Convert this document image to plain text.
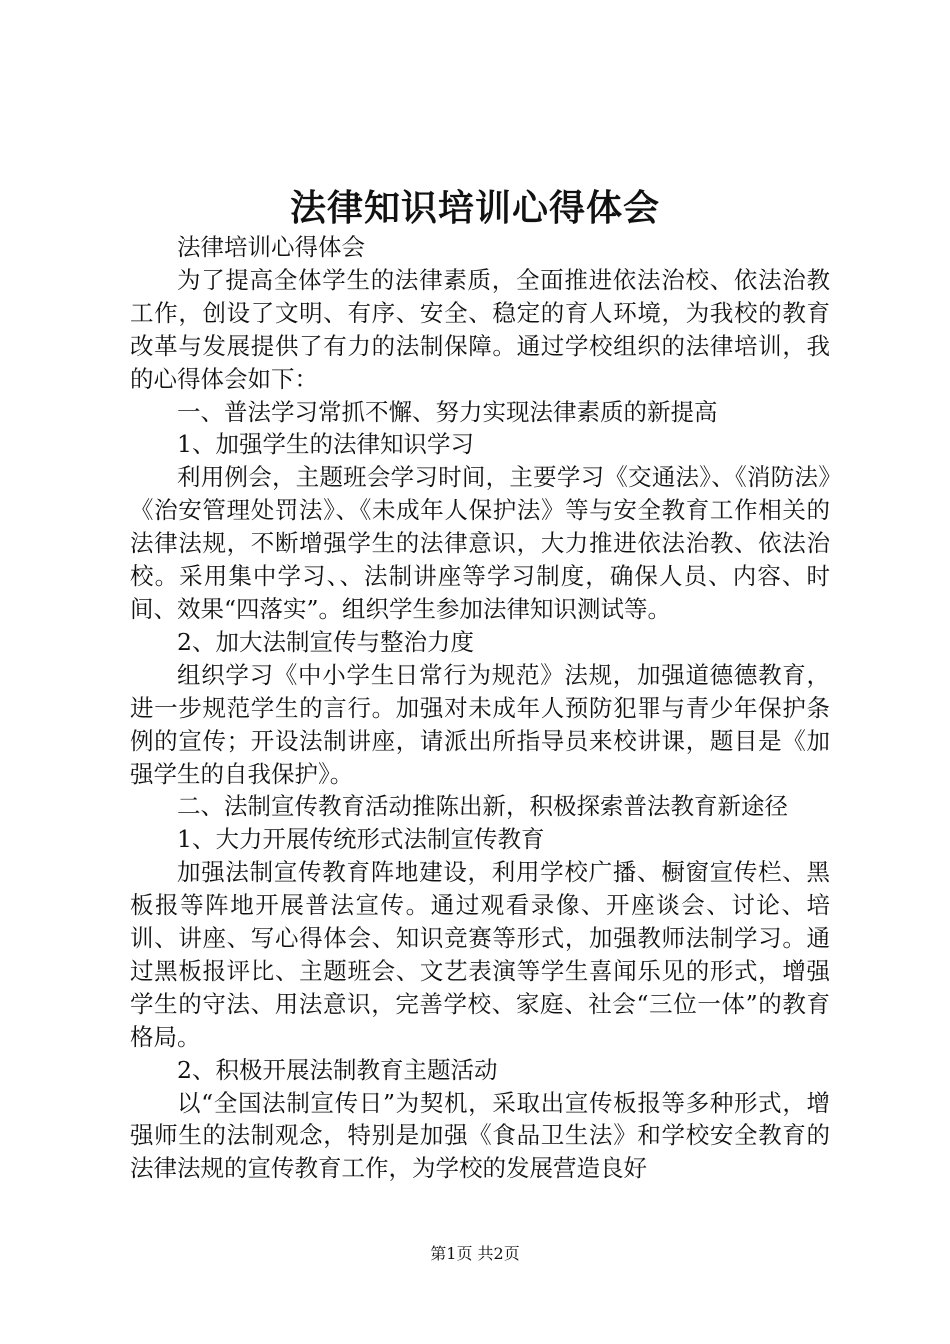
法律知识培训心得体会

法律培训心得体会

为了提高全体学生的法律素质，全面推进依法治校、依法治教工作，创设了文明、有序、安全、稳定的育人环境，为我校的教育改革与发展提供了有力的法制保障。通过学校组织的法律培训，我的心得体会如下：

一、普法学习常抓不懈、努力实现法律素质的新提高

1、加强学生的法律知识学习

利用例会，主题班会学习时间，主要学习《交通法》、《消防法》《治安管理处罚法》、《未成年人保护法》等与安全教育工作相关的法律法规，不断增强学生的法律意识，大力推进依法治教、依法治校。采用集中学习、、法制讲座等学习制度，确保人员、内容、时间、效果“四落实”。组织学生参加法律知识测试等。

2、加大法制宣传与整治力度

组织学习《中小学生日常行为规范》法规，加强道德德教育，进一步规范学生的言行。加强对未成年人预防犯罪与青少年保护条例的宣传；开设法制讲座，请派出所指导员来校讲课，题目是《加强学生的自我保护》。

二、法制宣传教育活动推陈出新，积极探索普法教育新途径

1、大力开展传统形式法制宣传教育

加强法制宣传教育阵地建设，利用学校广播、橱窗宣传栏、黑板报等阵地开展普法宣传。通过观看录像、开座谈会、讨论、培训、讲座、写心得体会、知识竞赛等形式，加强教师法制学习。通过黑板报评比、主题班会、文艺表演等学生喜闻乐见的形式，增强学生的守法、用法意识，完善学校、家庭、社会“三位一体”的教育格局。

2、积极开展法制教育主题活动

以“全国法制宣传日”为契机，采取出宣传板报等多种形式，增强师生的法制观念，特别是加强《食品卫生法》和学校安全教育的法律法规的宣传教育工作，为学校的发展营造良好

第1页 共2页
